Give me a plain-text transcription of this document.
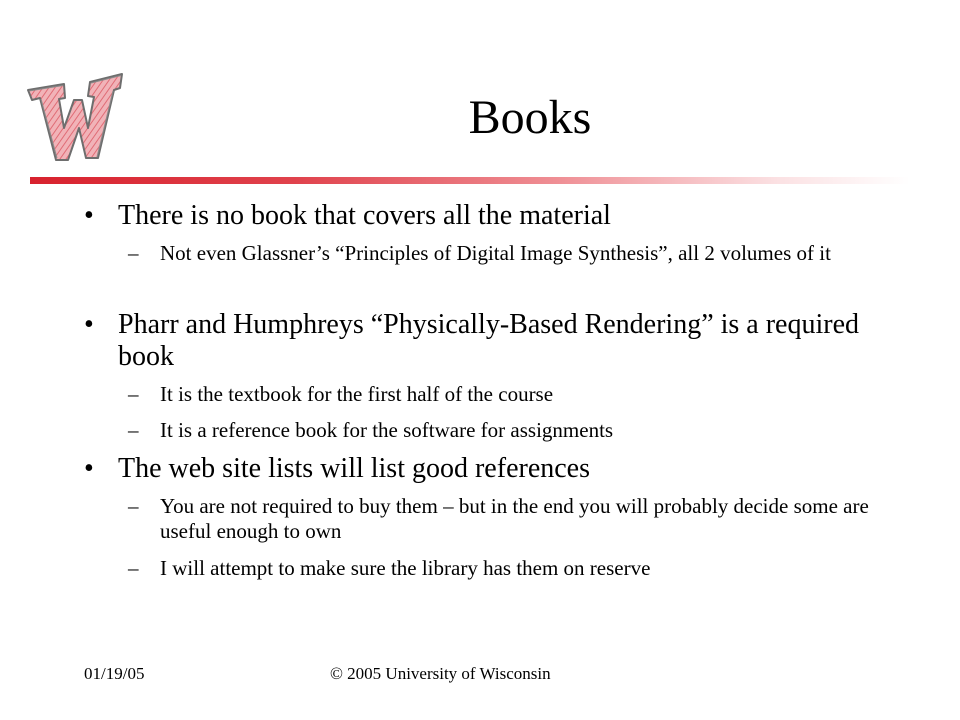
Books
• There is no book that covers all the material
– Not even Glassner’s “Principles of Digital Image Synthesis”, all 2 volumes of it
• Pharr and Humphreys “Physically-Based Rendering” is a required book
– It is the textbook for the first half of the course
– It is a reference book for the software for assignments
• The web site lists will list good references
– You are not required to buy them – but in the end you will probably decide some are useful enough to own
– I will attempt to make sure the library has them on reserve
01/19/05	© 2005 University of Wisconsin
